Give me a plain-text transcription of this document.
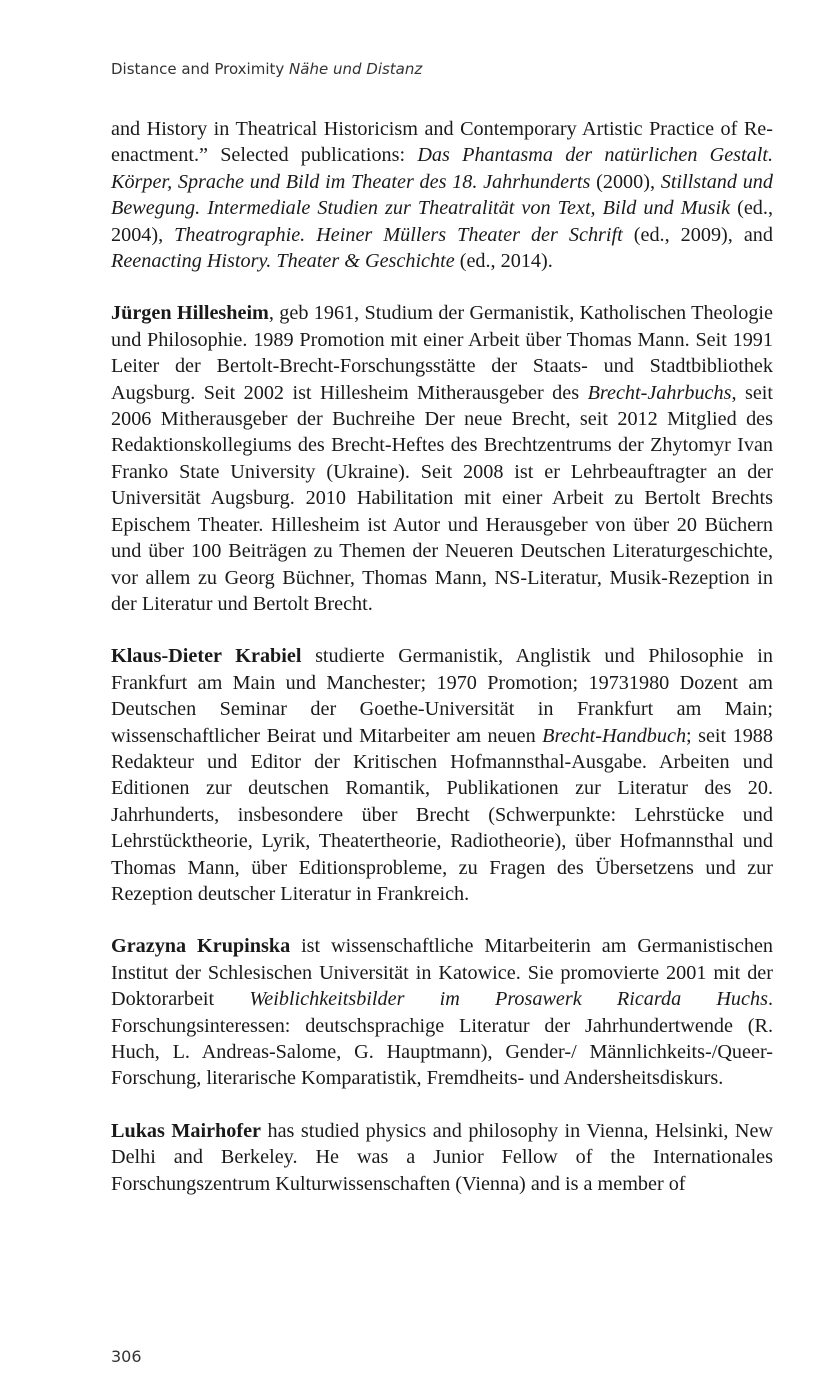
Distance and Proximity Nähe und Distanz

and History in Theatrical Historicism and Contemporary Artistic Practice of Re-enactment.” Selected publications: Das Phantasma der natürlichen Gestalt. Körper, Sprache und Bild im Theater des 18. Jahrhunderts (2000), Stillstand und Bewegung. Intermediale Studien zur Theatralität von Text, Bild und Musik (ed., 2004), Theatrographie. Heiner Müllers Theater der Schrift (ed., 2009), and Reenacting History. Theater & Geschichte (ed., 2014).

Jürgen Hillesheim, geb 1961, Studium der Germanistik, Katholischen Theologie und Philosophie. 1989 Promotion mit einer Arbeit über Thomas Mann. Seit 1991 Leiter der Bertolt-Brecht-Forschungsstätte der Staats- und Stadtbibliothek Augsburg. Seit 2002 ist Hillesheim Mitherausgeber des Brecht-Jahrbuchs, seit 2006 Mitherausgeber der Buchreihe Der neue Brecht, seit 2012 Mitglied des Redaktionskollegiums des Brecht-Heftes des Brechtzentrums der Zhytomyr Ivan Franko State University (Ukraine). Seit 2008 ist er Lehrbeauftragter an der Universität Augsburg. 2010 Habilitation mit einer Arbeit zu Bertolt Brechts Epischem Theater. Hillesheim ist Autor und Herausgeber von über 20 Büchern und über 100 Beiträgen zu Themen der Neueren Deutschen Literaturgeschichte, vor allem zu Georg Büchner, Thomas Mann, NS-Literatur, Musik-Rezeption in der Literatur und Bertolt Brecht.

Klaus-Dieter Krabiel studierte Germanistik, Anglistik und Philosophie in Frankfurt am Main und Manchester; 1970 Promotion; 19731980 Dozent am Deutschen Seminar der Goethe-Universität in Frankfurt am Main; wissenschaftlicher Beirat und Mitarbeiter am neuen Brecht-Handbuch; seit 1988 Redakteur und Editor der Kritischen Hofmannsthal-Ausgabe. Arbeiten und Editionen zur deutschen Romantik, Publikationen zur Literatur des 20. Jahrhunderts, insbesondere über Brecht (Schwerpunkte: Lehrstücke und Lehrstücktheorie, Lyrik, Theatertheorie, Radiotheorie), über Hofmannsthal und Thomas Mann, über Editionsprobleme, zu Fragen des Übersetzens und zur Rezeption deutscher Literatur in Frankreich.

Grazyna Krupinska ist wissenschaftliche Mitarbeiterin am Germanistischen Institut der Schlesischen Universität in Katowice. Sie promovierte 2001 mit der Doktorarbeit Weiblichkeitsbilder im Prosawerk Ricarda Huchs. Forschungsinteressen: deutschsprachige Literatur der Jahrhundertwende (R. Huch, L. Andreas-Salome, G. Hauptmann), Gender-/ Männlichkeits-/Queer-Forschung, literarische Komparatistik, Fremdheits- und Andersheitsdiskurs.

Lukas Mairhofer has studied physics and philosophy in Vienna, Helsinki, New Delhi and Berkeley. He was a Junior Fellow of the Internationales Forschungszentrum Kulturwissenschaften (Vienna) and is a member of

306
